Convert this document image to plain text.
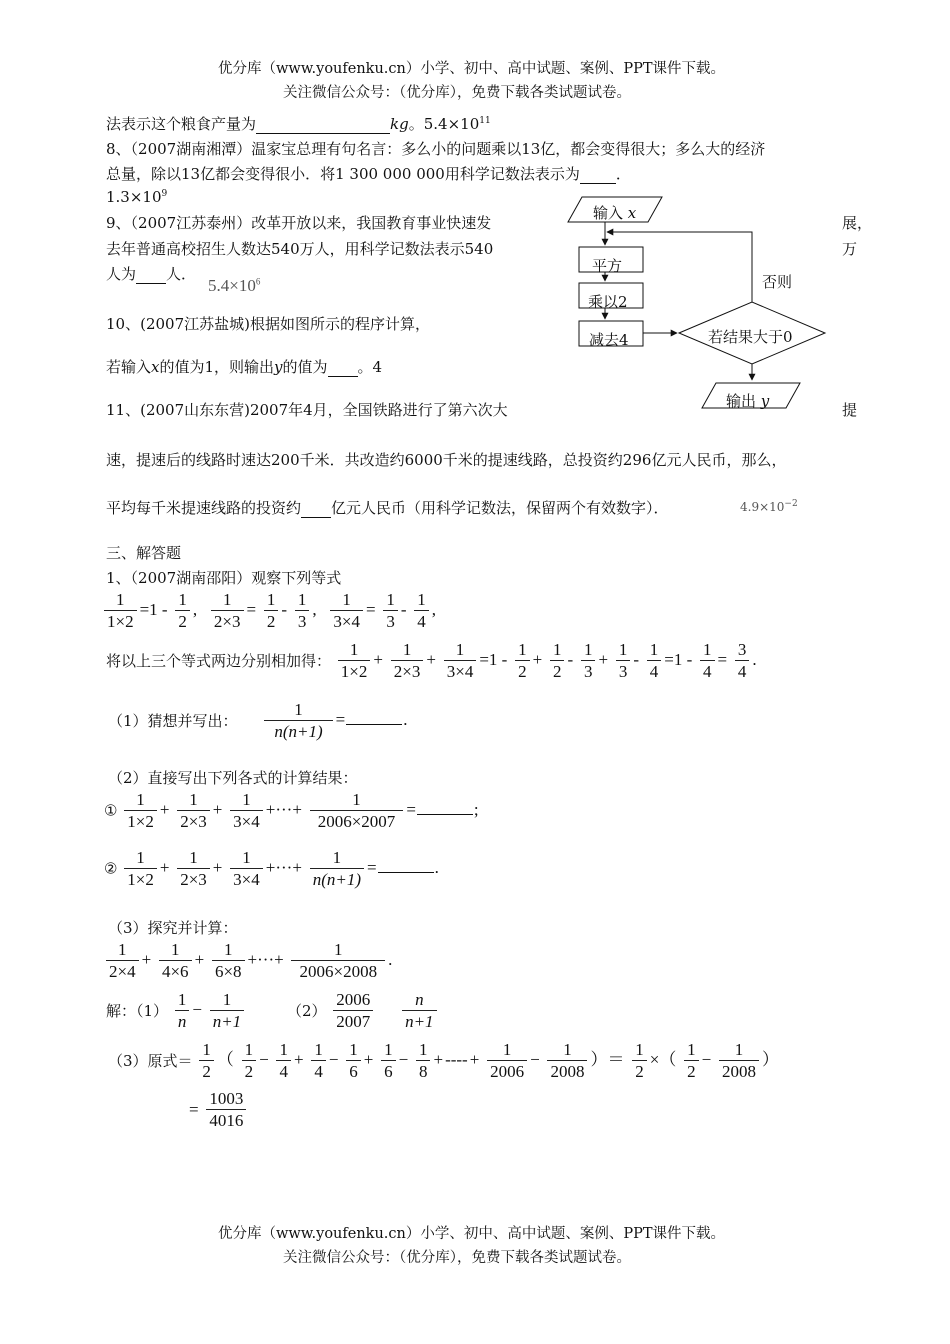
优分库（www.youfenku.cn）小学、初中、高中试题、案例、PPT课件下载。
关注微信公众号：（优分库），免费下载各类试题试卷。
法表示这个粮食产量为	kg。$5.4\times 10^{11}$
8、（2007湖南湘潭）温家宝总理有句名言：多么小的问题乘以13亿，都会变得很大；多么大的经济
总量，除以13亿都会变得很小．将1 300 000 000用科学记数法表示为 ．
$1.3\times 10^9$
9、（2007江苏泰州）改革开放以来，我国教育事业快速发	展，
去年普通高校招生人数达540万人，用科学记数法表示540	万
人为 人．
$5.4\times 10^6$
10、(2007江苏盐城)根据如图所示的程序计算，
若输入x的值为1，则输出y的值为 。4
输入 x
平方
乘以2
减去4	若结果大于0
否则
输出 y
11、(2007山东东营)2007年4月，全国铁路进行了第六次大	提
速，提速后的线路时速达200千米．共改造约6000千米的提速线路，总投资约296亿元人民币，那么，
平均每千米提速线路的投资约 亿元人民币（用科学记数法，保留两个有效数字）．	$4.9\times 10^{-2}$
三、解答题
1、（2007湖南邵阳）观察下列等式
$\frac{1}{1\times 2} =1 - \frac{1}{2}$ , $\frac{1}{2\times 3} = \frac{1}{2} - \frac{1}{3}$ , $\frac{1}{3\times 4} = \frac{1}{3} - \frac{1}{4}$ ,
将以上三个等式两边分别相加得： $\frac{1}{1\times 2} + \frac{1}{2\times 3} + \frac{1}{3\times 4} =1 - \frac{1}{2} + \frac{1}{2} - \frac{1}{3} + \frac{1}{3} - \frac{1}{4} =1 - \frac{1}{4} = \frac{3}{4}$ .
（1）猜想并写出： $\frac{1}{n(n+1)}$ =	.
（2）直接写出下列各式的计算结果：
① $\frac{1}{1\times 2} + \frac{1}{2\times 3} + \frac{1}{3\times 4}$ +···+ $\frac{1}{2006\times 2007}$ =	;
② $\frac{1}{1\times 2} + \frac{1}{2\times 3} + \frac{1}{3\times 4}$ +···+ $\frac{1}{n(n+1)}$ =	.
（3）探究并计算：
$\frac{1}{2\times 4} + \frac{1}{4\times 6} + \frac{1}{6\times 8}$ +···+ $\frac{1}{2006\times 2008}$ .
解：$(1) \frac{1}{n} - \frac{1}{n+1}$	$(2) \frac{2006}{2007}$
$\frac{n}{n+1}$
（3）原式＝ $\frac{1}{2}$ （ $\frac{1}{2} - \frac{1}{4} + \frac{1}{4} - \frac{1}{6} + \frac{1}{6} - \frac{1}{8}$ + ---- + $\frac{1}{2006} - \frac{1}{2008}$ ）＝ $\frac{1}{2}$ ×（ $\frac{1}{2} - \frac{1}{2008}$ ）
= $\frac{1003}{4016}$
优分库（www.youfenku.cn）小学、初中、高中试题、案例、PPT课件下载。
关注微信公众号：（优分库），免费下载各类试题试卷。
